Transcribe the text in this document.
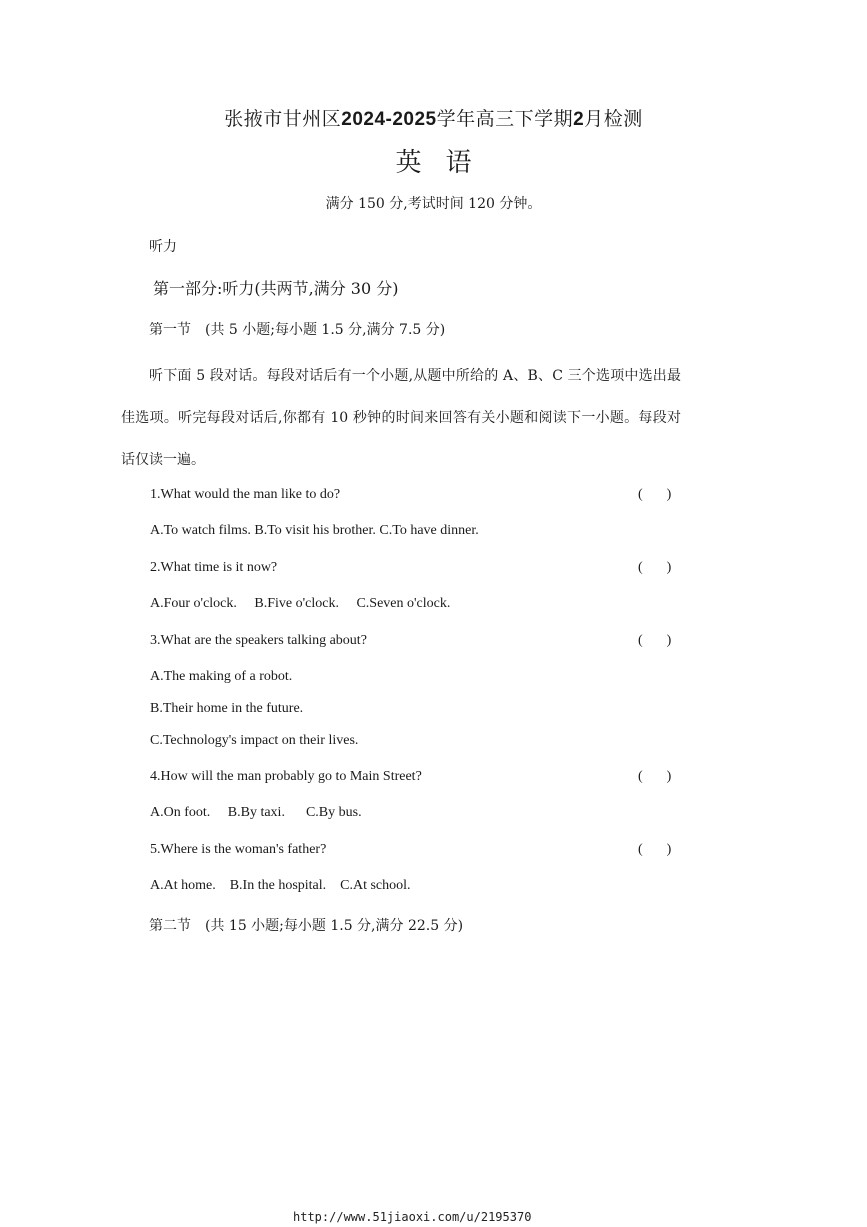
张掖市甘州区2024-2025学年高三下学期2月检测
英语
满分 150 分,考试时间 120 分钟。
听力
第一部分:听力(共两节,满分 30 分)
第一节 (共 5 小题;每小题 1.5 分,满分 7.5 分)
听下面 5 段对话。每段对话后有一个小题,从题中所给的 A、B、C 三个选项中选出最佳选项。听完每段对话后,你都有 10 秒钟的时间来回答有关小题和阅读下一小题。每段对话仅读一遍。
1.What would the man like to do?	( )
A.To watch films. B.To visit his brother. C.To have dinner.
2.What time is it now?	( )
A.Four o'clock.     B.Five o'clock.     C.Seven o'clock.
3.What are the speakers talking about?	( )
A.The making of a robot.
B.Their home in the future.
C.Technology's impact on their lives.
4.How will the man probably go to Main Street?	( )
A.On foot.     B.By taxi.      C.By bus.
5.Where is the woman's father?	( )
A.At home.    B.In the hospital.    C.At school.
第二节 (共 15 小题;每小题 1.5 分,满分 22.5 分)
http://www.51jiaoxi.com/u/2195370
